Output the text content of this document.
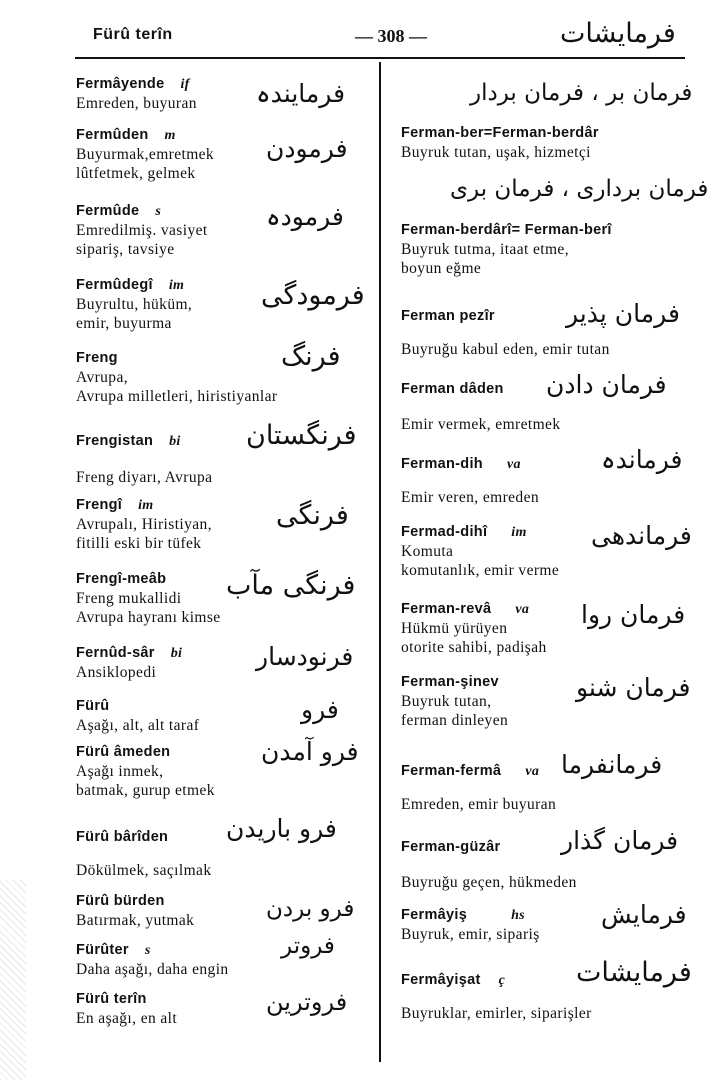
Fürû terîn	— 308 —	فرمايشات
Fermâyende if
Emreden, buyuran	فرمايندہ
Fermûden m
Buyurmak,emretmek
lûtfetmek, gelmek
فرمودن
Fermûde s
Emredilmiş. vasiyet
sipariş, tavsiye
فرمودہ
Fermûdegî im
Buyrultu, hüküm,
emir, buyurma
فرمودگی
Freng
Avrupa,
Avrupa milletleri, hiristiyanlar
فرنگ
Frengistan bi
Freng diyarı, Avrupa
فرنگستان
Frengî im
Avrupalı, Hiristiyan,
fitilli eski bir tüfek
فرنگی
Frengî-meâb
Freng mukallidi
Avrupa hayranı kimse
فرنگی مآب
Fernûd-sâr bi
Ansiklopedi
فرنودسار
Fürû
Aşağı, alt, alt taraf
فرو
Fürû âmeden
Aşağı inmek,
batmak, gurup etmek
فرو آمدن
Fürû bârîden
Dökülmek, saçılmak
فرو باریدن
Fürû bürden
Batırmak, yutmak	فرو بردن
Fürûter s
Daha aşağı, daha engin
فروتر
Fürû terîn
En aşağı, en alt
فروترین
فرمان بر ، فرمان بردار
Ferman-ber=Ferman-berdâr
Buyruk tutan, uşak, hizmetçi
فرمان برداری ، فرمان بری
Ferman-berdârî= Ferman-berî
Buyruk tutma, itaat etme,
boyun eğme
Ferman pezîr
Buyruğu kabul eden, emir tutan
فرمان پذیر
Ferman dâden
Emir vermek, emretmek
فرمان دادن
Ferman-dih va
Emir veren, emreden
فرماندہ
Fermad-dihî im
Komuta
komutanlık, emir verme
فرماندهی
Ferman-revâ va
Hükmü yürüyen
otorite sahibi, padişah
فرمان روا
Ferman-şinev
Buyruk tutan,
ferman dinleyen
فرمان شنو
Ferman-fermâ va
Emreden, emir buyuran
فرمانفرما
Ferman-güzâr
Buyruğu geçen, hükmeden
فرمان گذار
Fermâyiş	hs
Buyruk, emir, sipariş
فرمایش
Fermâyişat ç
Buyruklar, emirler, siparişler
فرمایشات
